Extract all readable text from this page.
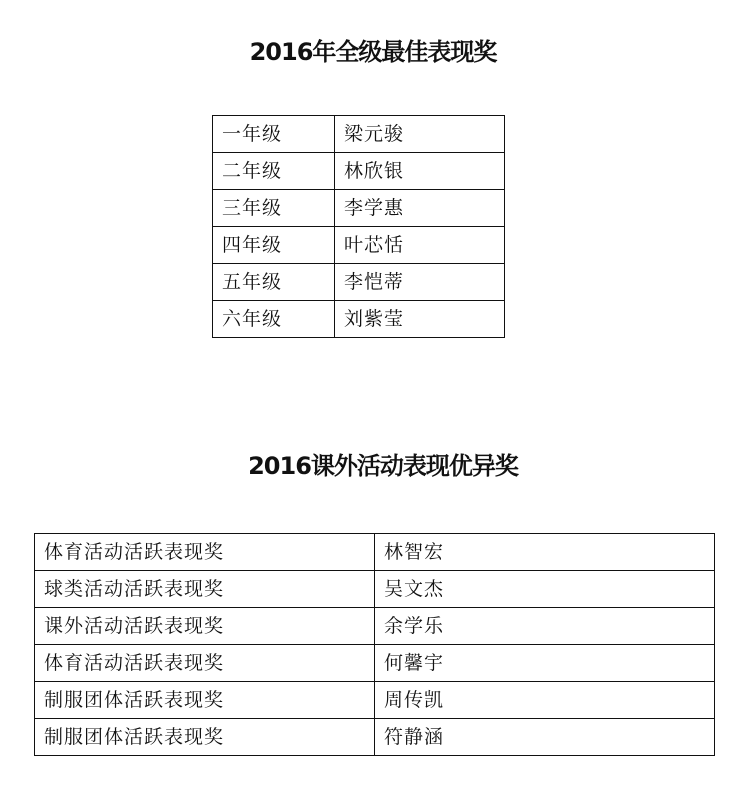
2016年全级最佳表现奖
一年级	梁元骏
二年级	林欣银
三年级	李学惠
四年级	叶芯恬
五年级	李恺蒂
六年级	刘紫莹
2016课外活动表现优异奖
体育活动活跃表现奖	林智宏
球类活动活跃表现奖	吴文杰
课外活动活跃表现奖	余学乐
体育活动活跃表现奖	何馨宇
制服团体活跃表现奖	周传凯
制服团体活跃表现奖	符静涵
